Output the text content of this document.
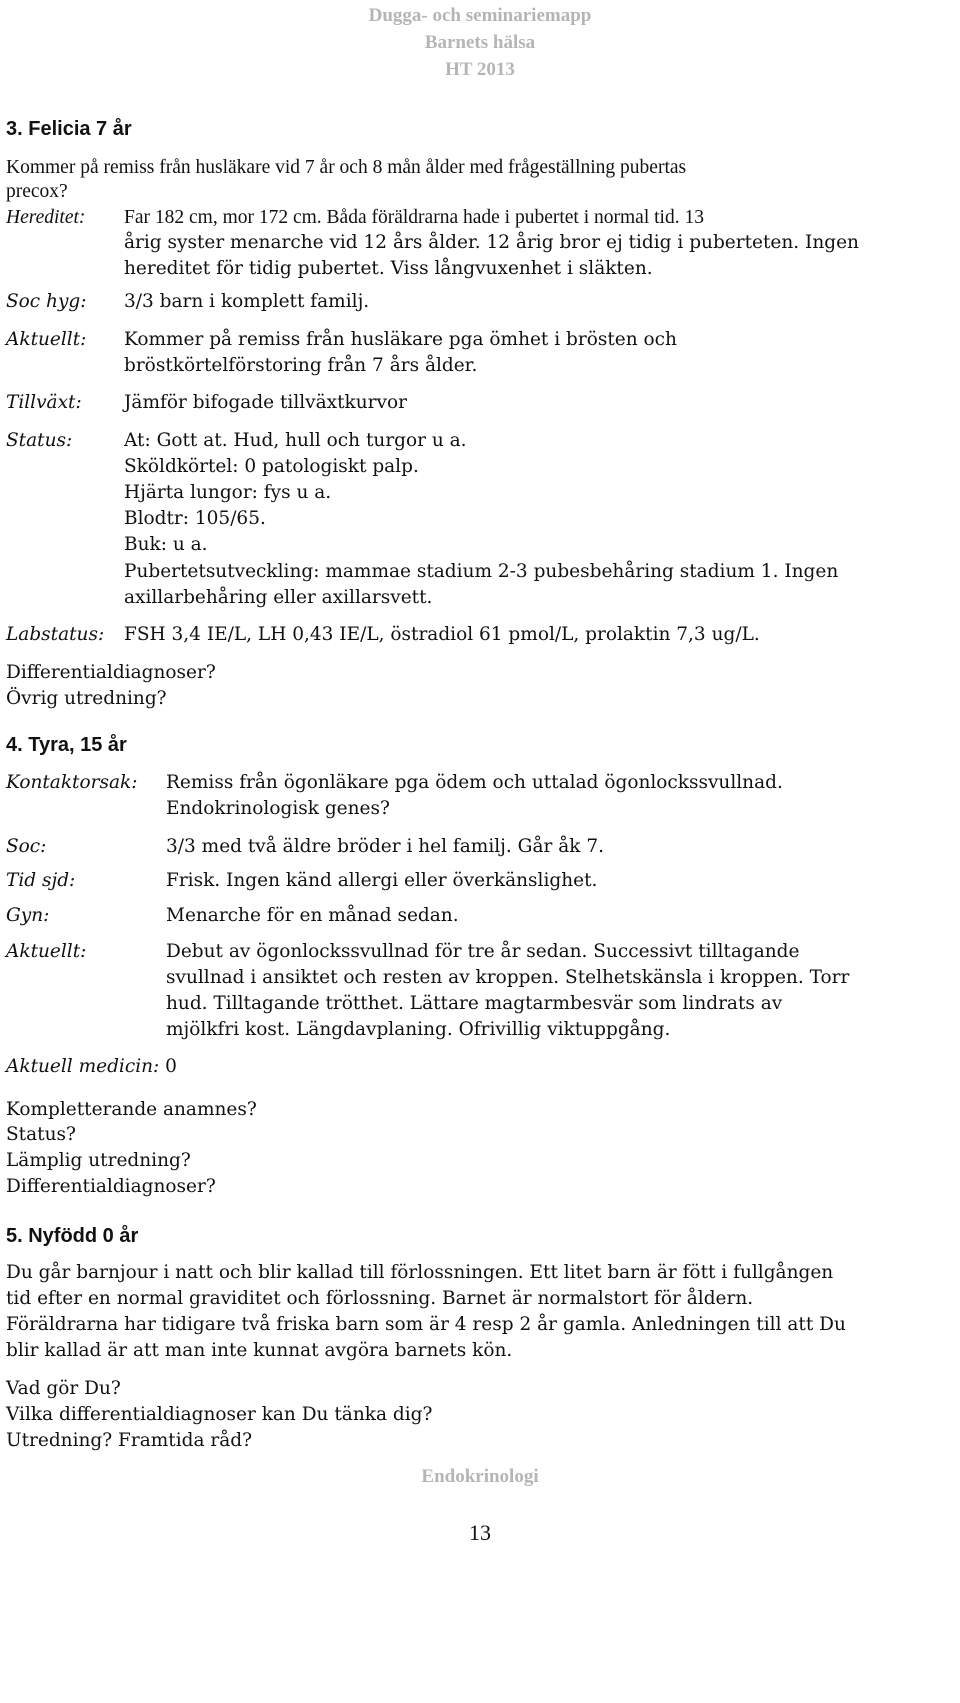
Dugga- och seminariemapp
Barnets hälsa
HT 2013
3. Felicia 7 år
Kommer på remiss från husläkare vid 7 år och 8 mån ålder med frågeställning pubertas
precox?
Hereditet: Far 182 cm, mor 172 cm. Båda föräldrarna hade i pubertet i normal tid. 13
årig syster menarche vid 12 års ålder. 12 årig bror ej tidig i puberteten. Ingen
hereditet för tidig pubertet. Viss långvuxenhet i släkten.
Soc hyg: 3/3 barn i komplett familj.
Aktuellt: Kommer på remiss från husläkare pga ömhet i brösten och
bröstkörtelförstoring från 7 års ålder.
Tillväxt: Jämför bifogade tillväxtkurvor
Status:	At: Gott at. Hud, hull och turgor u a.
Sköldkörtel: 0 patologiskt palp.
Hjärta lungor: fys u a.
Blodtr: 105/65.
Buk: u a.
Pubertetsutveckling: mammae stadium 2-3 pubesbehåring stadium 1. Ingen
axillarbehåring eller axillarsvett.
Labstatus: FSH 3,4 IE/L, LH 0,43 IE/L, östradiol 61 pmol/L, prolaktin 7,3 ug/L.
Differentialdiagnoser?
Övrig utredning?
4. Tyra, 15 år
Kontaktorsak: Remiss från ögonläkare pga ödem och uttalad ögonlockssvullnad.
Endokrinologisk genes?
Soc:	3/3 med två äldre bröder i hel familj. Går åk 7.
Tid sjd:	Frisk. Ingen känd allergi eller överkänslighet.
Gyn:	Menarche för en månad sedan.
Aktuellt:	Debut av ögonlockssvullnad för tre år sedan. Successivt tilltagande
svullnad i ansiktet och resten av kroppen. Stelhetskänsla i kroppen. Torr
hud. Tilltagande trötthet. Lättare magtarmbesvär som lindrats av
mjölkfri kost. Längdavplaning. Ofrivillig viktuppgång.
Aktuell medicin: 0
Kompletterande anamnes?
Status?
Lämplig utredning?
Differentialdiagnoser?
5. Nyfödd 0 år
Du går barnjour i natt och blir kallad till förlossningen. Ett litet barn är fött i fullgången
tid efter en normal graviditet och förlossning. Barnet är normalstort för åldern.
Föräldrarna har tidigare två friska barn som är 4 resp 2 år gamla. Anledningen till att Du
blir kallad är att man inte kunnat avgöra barnets kön.
Vad gör Du?
Vilka differentialdiagnoser kan Du tänka dig?
Utredning? Framtida råd?
Endokrinologi
13
